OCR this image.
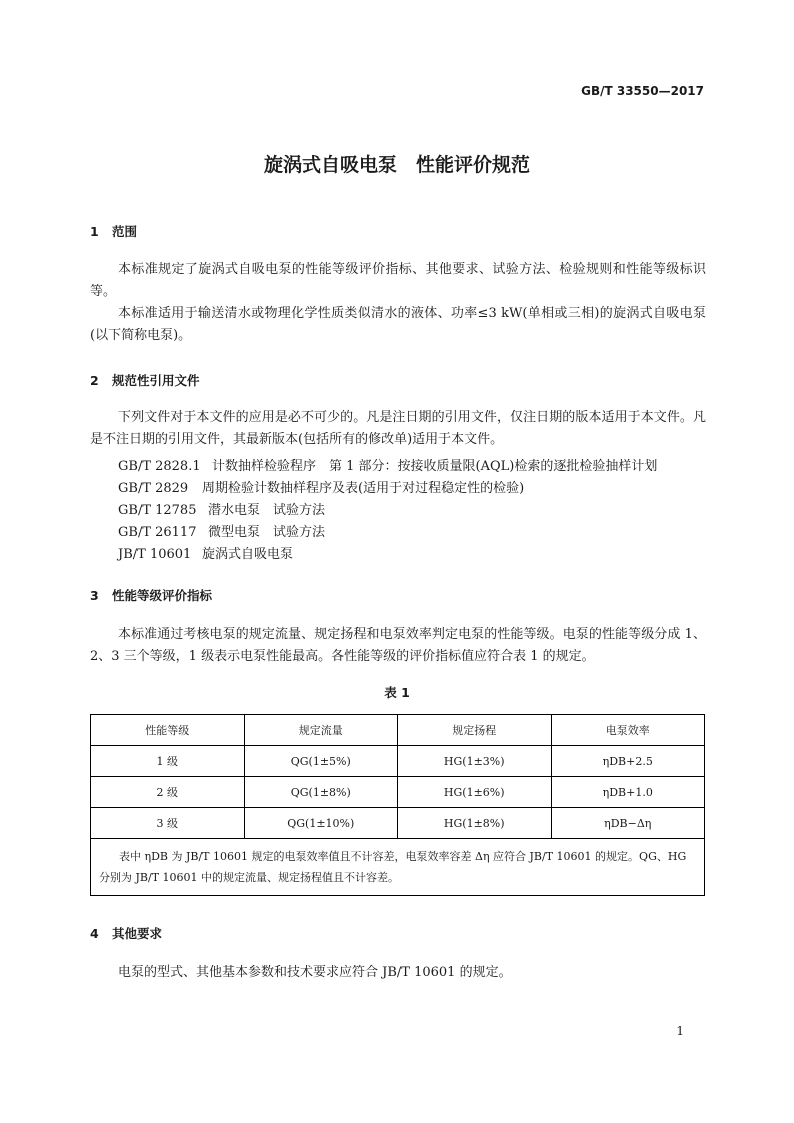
GB/T 33550—2017
旋涡式自吸电泵　性能评价规范
1 范围
本标准规定了旋涡式自吸电泵的性能等级评价指标、其他要求、试验方法、检验规则和性能等级标识等。
本标准适用于输送清水或物理化学性质类似清水的液体、功率≤3 kW(单相或三相)的旋涡式自吸电泵(以下简称电泵)。
2 规范性引用文件
下列文件对于本文件的应用是必不可少的。凡是注日期的引用文件，仅注日期的版本适用于本文件。凡是不注日期的引用文件，其最新版本(包括所有的修改单)适用于本文件。
GB/T 2828.1 计数抽样检验程序　第 1 部分：按接收质量限(AQL)检索的逐批检验抽样计划
GB/T 2829 周期检验计数抽样程序及表(适用于对过程稳定性的检验)
GB/T 12785 潜水电泵　试验方法
GB/T 26117 微型电泵　试验方法
JB/T 10601 旋涡式自吸电泵
3 性能等级评价指标
本标准通过考核电泵的规定流量、规定扬程和电泵效率判定电泵的性能等级。电泵的性能等级分成 1、2、3 三个等级，1 级表示电泵性能最高。各性能等级的评价指标值应符合表 1 的规定。
表 1
性能等级	规定流量	规定扬程	电泵效率
1 级	QG(1±5%)	HG(1±3%)	ηDB+2.5
2 级	QG(1±8%)	HG(1±6%)	ηDB+1.0
3 级	QG(1±10%)	HG(1±8%)	ηDB−Δη
表中 ηDB 为 JB/T 10601 规定的电泵效率值且不计容差，电泵效率容差 Δη 应符合 JB/T 10601 的规定。QG、HG 分别为 JB/T 10601 中的规定流量、规定扬程值且不计容差。			
4 其他要求
电泵的型式、其他基本参数和技术要求应符合 JB/T 10601 的规定。
1
